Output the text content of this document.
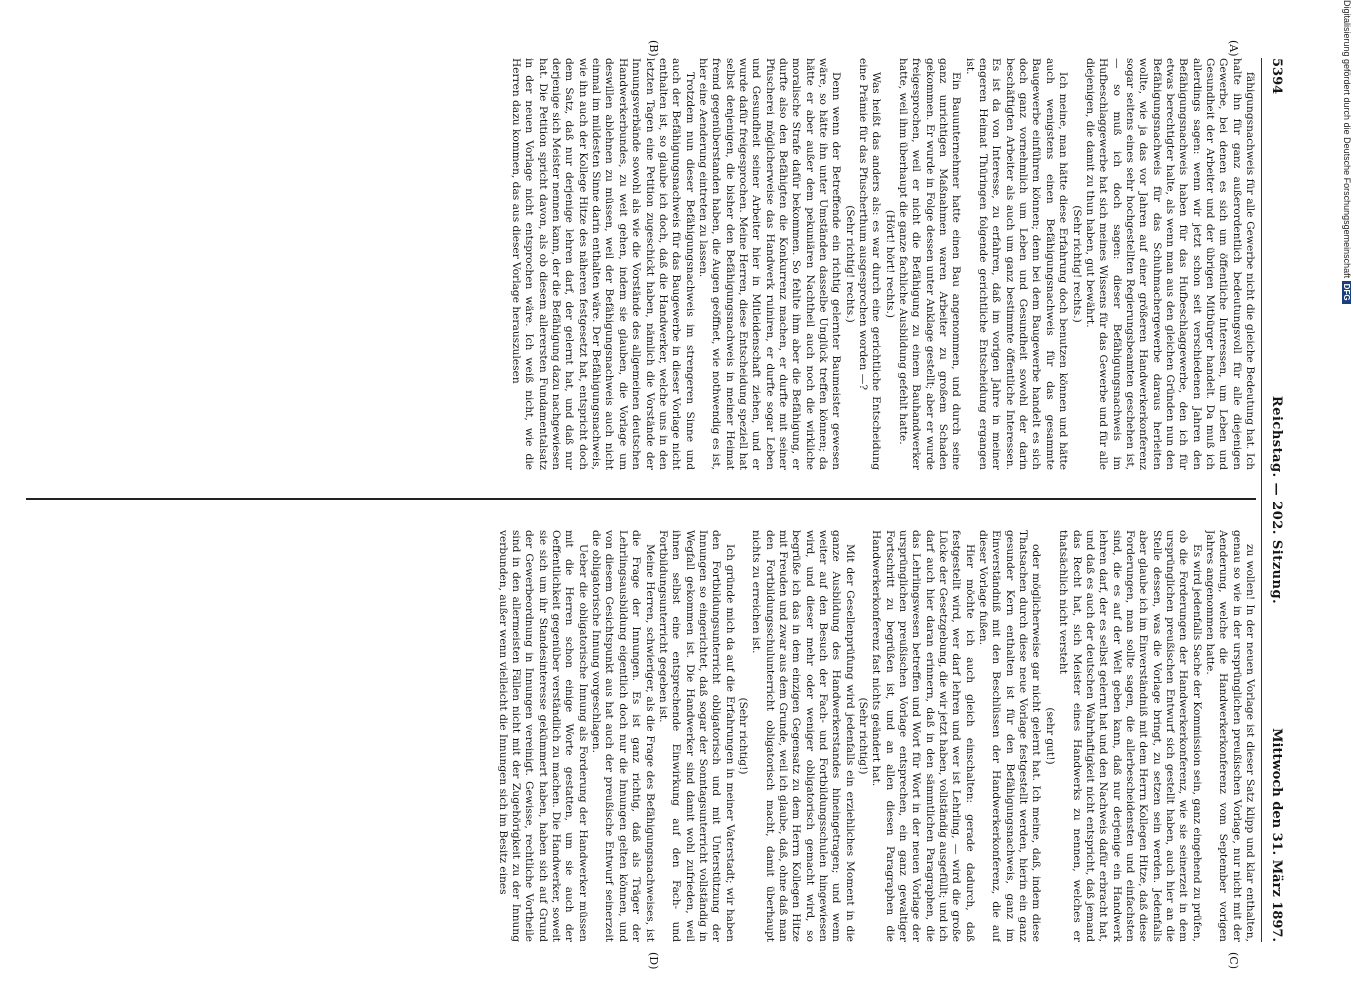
5394
Reichstag. — 202. Sitzung.
Mittwoch den 31. März 1897.
(A)
(B)
(C)
(D)

fähigungsnachweis für alle Gewerbe nicht die gleiche Bedeutung hat. Ich halte ihn für ganz außerordentlich bedeutungsvoll für alle diejenigen Gewerbe, bei denen es sich um öffentliche Interessen, um Leben und Gesundheit der Arbeiter und der übrigen Mitbürger handelt. Da muß ich allerdings sagen: wenn wir jetzt schon seit verschiedenen Jahren den Befähigungsnachweis haben für das Hufbeschlaggewerbe, den ich für etwas berechtigter halte, als wenn man aus den gleichen Gründen nun den Befähigungsnachweis für das Schuhmachergewerbe daraus herleiten wollte, wie ja das vor Jahren auf einer größeren Handwerkerkonferenz sogar seitens eines sehr hochgestellten Regierungsbeamten geschehen ist, — so muß ich doch sagen: dieser Befähigungsnachweis im Hufbeschlaggewerbe hat sich meines Wissens für das Gewerbe und für alle diejenigen, die damit zu thun haben, gut bewährt.

(Sehr richtig! rechts.)

Ich meine, man hätte diese Erfahrung doch benutzen können und hätte auch wenigstens einen Befähigungsnachweis für das gesammte Baugewerbe einführen können; denn bei dem Baugewerbe handelt es sich doch ganz vornehmlich um Leben und Gesundheit sowohl der darin beschäftigten Arbeiter als auch um ganz bestimmte öffentliche Interessen. Es ist da von Interesse, zu erfahren, daß im vorigen Jahre in meiner engeren Heimat Thüringen folgende gerichtliche Entscheidung ergangen ist.

Ein Bauunternehmer hatte einen Bau angenommen, und durch seine ganz unrichtigen Maßnahmen waren Arbeiter zu großem Schaden gekommen. Er wurde in Folge dessen unter Anklage gestellt; aber er wurde freigesprochen, weil er nicht die Befähigung zu einem Bauhandwerker hatte, weil ihm überhaupt die ganze fachliche Ausbildung gefehlt hatte.

(Hört! hört! rechts.)

Was heißt das anders als: es war durch eine gerichtliche Entscheidung eine Prämie für das Pfuscherthum ausgesprochen worden —?

(Sehr richtig! rechts.)

Denn wenn der Betreffende ein richtig gelernter Baumeister gewesen wäre, so hätte ihn unter Umständen dasselbe Unglück treffen können; da hätte er aber außer dem pekuniären Nachtheil auch noch die wirkliche moralische Strafe dafür bekommen. So fehlte ihm aber die Befähigung, er durfte also den Befähigten die Konkurrenz machen, er durfte mit seiner Pfuscherei möglicherweise das Handwerk ruiniren, er durfte sogar Leben und Gesundheit seiner Arbeiter hier in Mitleidenschaft ziehen, und er wurde dafür freigesprochen. Meine Herren, diese Entscheidung speziell hat selbst denjenigen, die bisher den Befähigungsnachweis in meiner Heimat fremd gegenüberstanden haben, die Augen geöffnet, wie nothwendig es ist, hier eine Aenderung eintreten zu lassen.

Trotzdem nun dieser Befähigungsnachweis im strengeren Sinne und auch der Befähigungsnachweis für das Baugewerbe in dieser Vorlage nicht enthalten ist, so glaube ich doch, daß die Handwerker, welche uns in den letzten Tagen eine Petition zugeschickt haben, nämlich die Vorstände der Innungsverbände sowohl als wie die Vorstände des allgemeinen deutschen Handwerkerbundes, zu weit gehen, indem sie glauben, die Vorlage um deswillen ablehnen zu müssen, weil der Befähigungsnachweis auch nicht einmal im mildesten Sinne darin enthalten wäre. Der Befähigungsnachweis, wie ihn auch der Kollege Hitze des näheren festgesetzt hat, entspricht doch dem Satz, daß nur derjenige lehren darf, der gelernt hat, und daß nur derjenige sich Meister nennen kann, der die Befähigung dazu nachgewiesen hat. Die Petition spricht davon, als ob diesem allerersten Fundamentalsatz in der neuen Vorlage nicht entsprochen wäre. Ich weiß nicht, wie die Herren dazu kommen, das aus dieser Vorlage herauszulesen

zu wollen! In der neuen Vorlage ist dieser Satz klipp und klar enthalten, genau so wie in der ursprünglichen preußischen Vorlage, nur nicht mit der Aenderung, welche die Handwerkerkonferenz vom September vorigen Jahres angenommen hatte.

Es wird jedenfalls Sache der Kommission sein, ganz eingehend zu prüfen, ob die Forderungen der Handwerkerkonferenz, wie sie seinerzeit in dem ursprünglichen preußischen Entwurf sich gestellt haben, auch hier an die Stelle dessen, was die Vorlage bringt, zu setzen sein werden. Jedenfalls aber glaube ich im Einverständniß mit dem Herrn Kollegen Hitze, daß diese Forderungen, man sollte sagen, die allerbescheidensten und einfachsten sind, die es auf der Welt geben kann, daß nur derjenige ein Handwerk lehren darf, der es selbst gelernt hat und den Nachweis dafür erbracht hat, und daß es auch der deutschen Wahrhaftigkeit nicht entspricht, daß jemand das Recht hat, sich Meister eines Handwerks zu nennen, welches er thatsächlich nicht versteht

(sehr gut!)

oder möglicherweise gar nicht gelernt hat. Ich meine, daß, indem diese Thatsachen durch diese neue Vorlage festgestellt werden, hierin ein ganz gesunder Kern enthalten ist für den Befähigungsnachweis, ganz im Einverständniß mit den Beschlüssen der Handwerkerkonferenz, die auf dieser Vorlage fußen.

Hier möchte ich auch gleich einschalten: gerade dadurch, daß festgestellt wird, wer darf lehren und wer ist Lehrling, — wird die große Lücke der Gesetzgebung, die wir jetzt haben, vollständig ausgefüllt; und ich darf auch hier daran erinnern, daß in den sämmtlichen Paragraphen, die das Lehrlingswesen betreffen und Wort für Wort in der neuen Vorlage der ursprünglichen preußischen Vorlage entsprechen, ein ganz gewaltiger Fortschritt zu begrüßen ist, und an allen diesen Paragraphen die Handwerkerkonferenz fast nichts geändert hat.

(Sehr richtig!)

Mit der Gesellenprüfung wird jedenfalls ein erziehliches Moment in die ganze Ausbildung des Handwerkerstandes hineingetragen; und wenn weiter auf den Besuch der Fach- und Fortbildungsschulen hingewiesen wird, und dieser mehr oder weniger obligatorisch gemacht wird, so begrüße ich das in dem einzigen Gegensatz zu dem Herrn Kollegen Hitze mit Freuden und zwar aus dem Grunde, weil ich glaube, daß, ohne daß man den Fortbildungsschulunterricht obligatorisch macht, damit überhaupt nichts zu erreichen ist.

(Sehr richtig!)

Ich gründe mich da auf die Erfahrungen in meiner Vaterstadt; wir haben den Fortbildungsunterricht obligatorisch und mit Unterstützung der Innungen so eingerichtet, daß sogar der Sonntagsunterricht vollständig in Wegfall gekommen ist. Die Handwerker sind damit wohl zufrieden, weil ihnen selbst eine entsprechende Einwirkung auf den Fach- und Fortbildungsunterricht gegeben ist.

Meine Herren, schwieriger, als die Frage des Befähigungsnachweises, ist die Frage der Innungen. Es ist ganz richtig, daß als Träger der Lehrlingsausbildung eigentlich doch nur die Innungen gelten können, und von diesem Gesichtspunkt aus hat auch der preußische Entwurf seinerzeit die obligatorische Innung vorgeschlagen.

Ueber die obligatorische Innung als Forderung der Handwerker müssen mit die Herren schon einige Worte gestatten, um sie auch der Oeffentlichkeit gegenüber verständlich zu machen. Die Handwerker, soweit sie sich um ihr Standesinteresse gekümmert haben, haben sich auf Grund der Gewerbeordnung in Innungen vereinigt. Gewisse, rechtliche Vortheile sind in den allermeisten Fällen nicht mit der Zugehörigkeit zu der Innung verbunden, außer wenn vielleicht die Innungen sich im Besitz eines

Digitalisierung gefördert durch die Deutsche Forschungsgemeinschaft DFG
